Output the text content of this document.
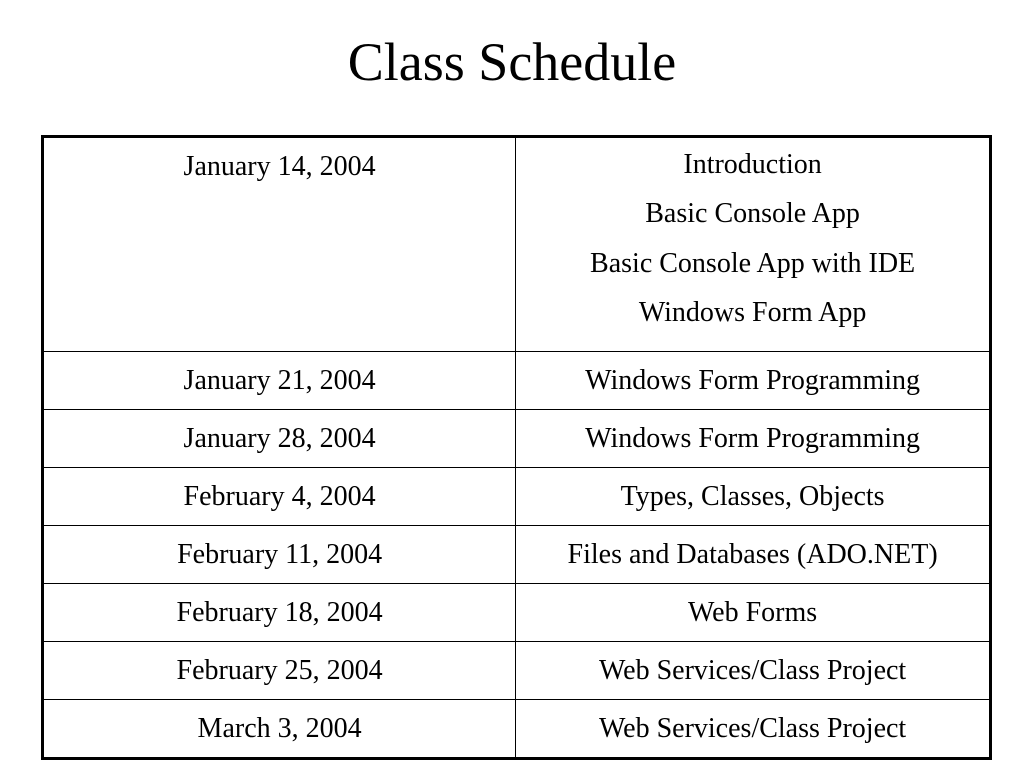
Class Schedule
January 14, 2004	Introduction
Basic Console App
Basic Console App with IDE
Windows Form App

January 21, 2004	Windows Form Programming
January 28, 2004	Windows Form Programming
February 4, 2004	Types, Classes, Objects
February 11, 2004	Files and Databases (ADO.NET)
February 18, 2004	Web Forms
February 25, 2004	Web Services/Class Project
March 3, 2004	Web Services/Class Project
